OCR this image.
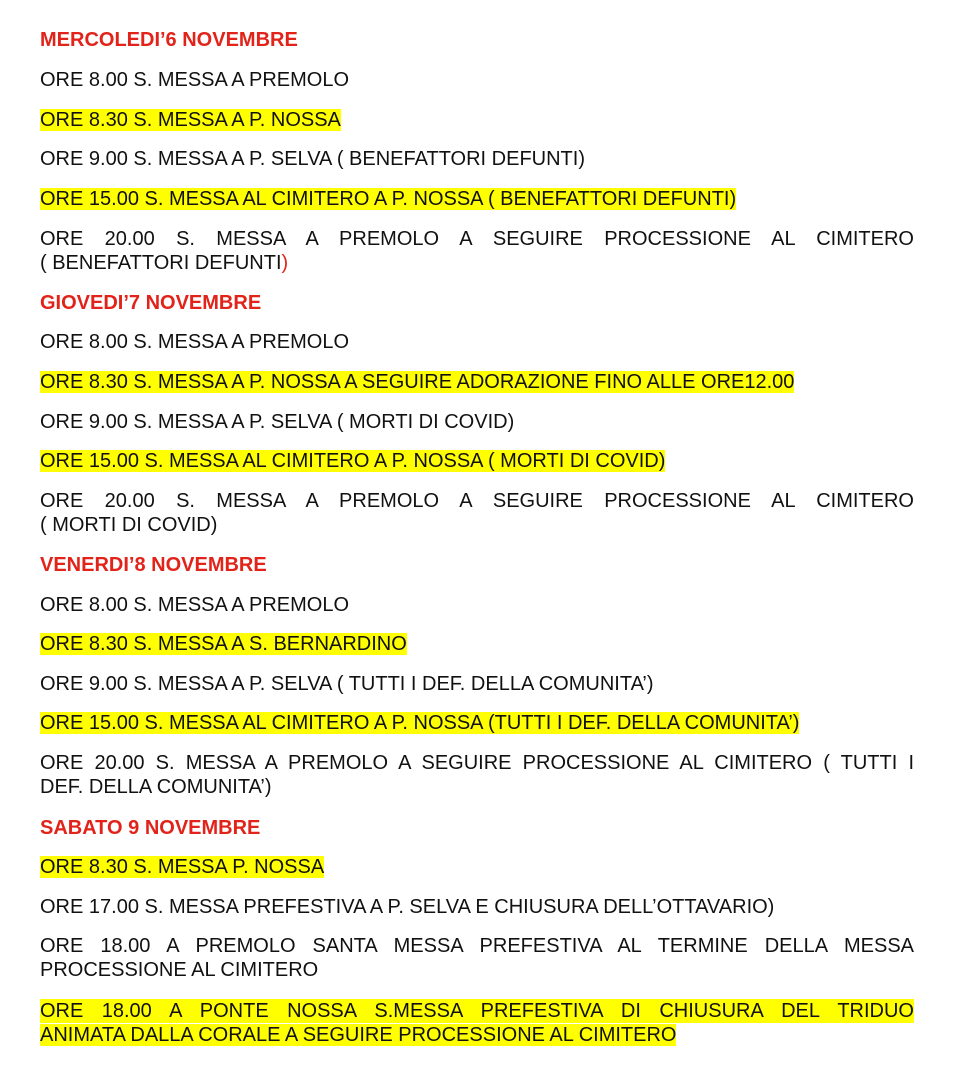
MERCOLEDI’6 NOVEMBRE
ORE 8.00 S. MESSA A PREMOLO
ORE 8.30 S. MESSA A P. NOSSA
ORE 9.00 S. MESSA A P. SELVA ( BENEFATTORI DEFUNTI)
ORE 15.00 S. MESSA AL CIMITERO A P. NOSSA ( BENEFATTORI DEFUNTI)
ORE 20.00 S. MESSA A PREMOLO A SEGUIRE PROCESSIONE AL CIMITERO
( BENEFATTORI DEFUNTI)
GIOVEDI’7 NOVEMBRE
ORE 8.00 S. MESSA A PREMOLO
ORE 8.30 S. MESSA A P. NOSSA A SEGUIRE ADORAZIONE FINO ALLE ORE12.00
ORE 9.00 S. MESSA A P. SELVA ( MORTI DI COVID)
ORE 15.00 S. MESSA AL CIMITERO A P. NOSSA ( MORTI DI COVID)
ORE 20.00 S. MESSA A PREMOLO A SEGUIRE PROCESSIONE AL CIMITERO
( MORTI DI COVID)
VENERDI’8 NOVEMBRE
ORE 8.00 S. MESSA A PREMOLO
ORE 8.30 S. MESSA A S. BERNARDINO
ORE 9.00 S. MESSA A P. SELVA ( TUTTI I DEF. DELLA COMUNITA’)
ORE 15.00 S. MESSA AL CIMITERO A P. NOSSA (TUTTI I DEF. DELLA COMUNITA’)
ORE 20.00 S. MESSA A PREMOLO A SEGUIRE PROCESSIONE AL CIMITERO ( TUTTI I
DEF. DELLA COMUNITA’)
SABATO 9 NOVEMBRE
ORE 8.30 S. MESSA P. NOSSA
ORE 17.00 S. MESSA PREFESTIVA A P. SELVA E CHIUSURA DELL’OTTAVARIO)
ORE 18.00 A PREMOLO SANTA MESSA PREFESTIVA AL TERMINE DELLA MESSA
PROCESSIONE AL CIMITERO
ORE 18.00 A PONTE NOSSA S.MESSA PREFESTIVA DI CHIUSURA DEL TRIDUO
ANIMATA DALLA CORALE A SEGUIRE PROCESSIONE AL CIMITERO
